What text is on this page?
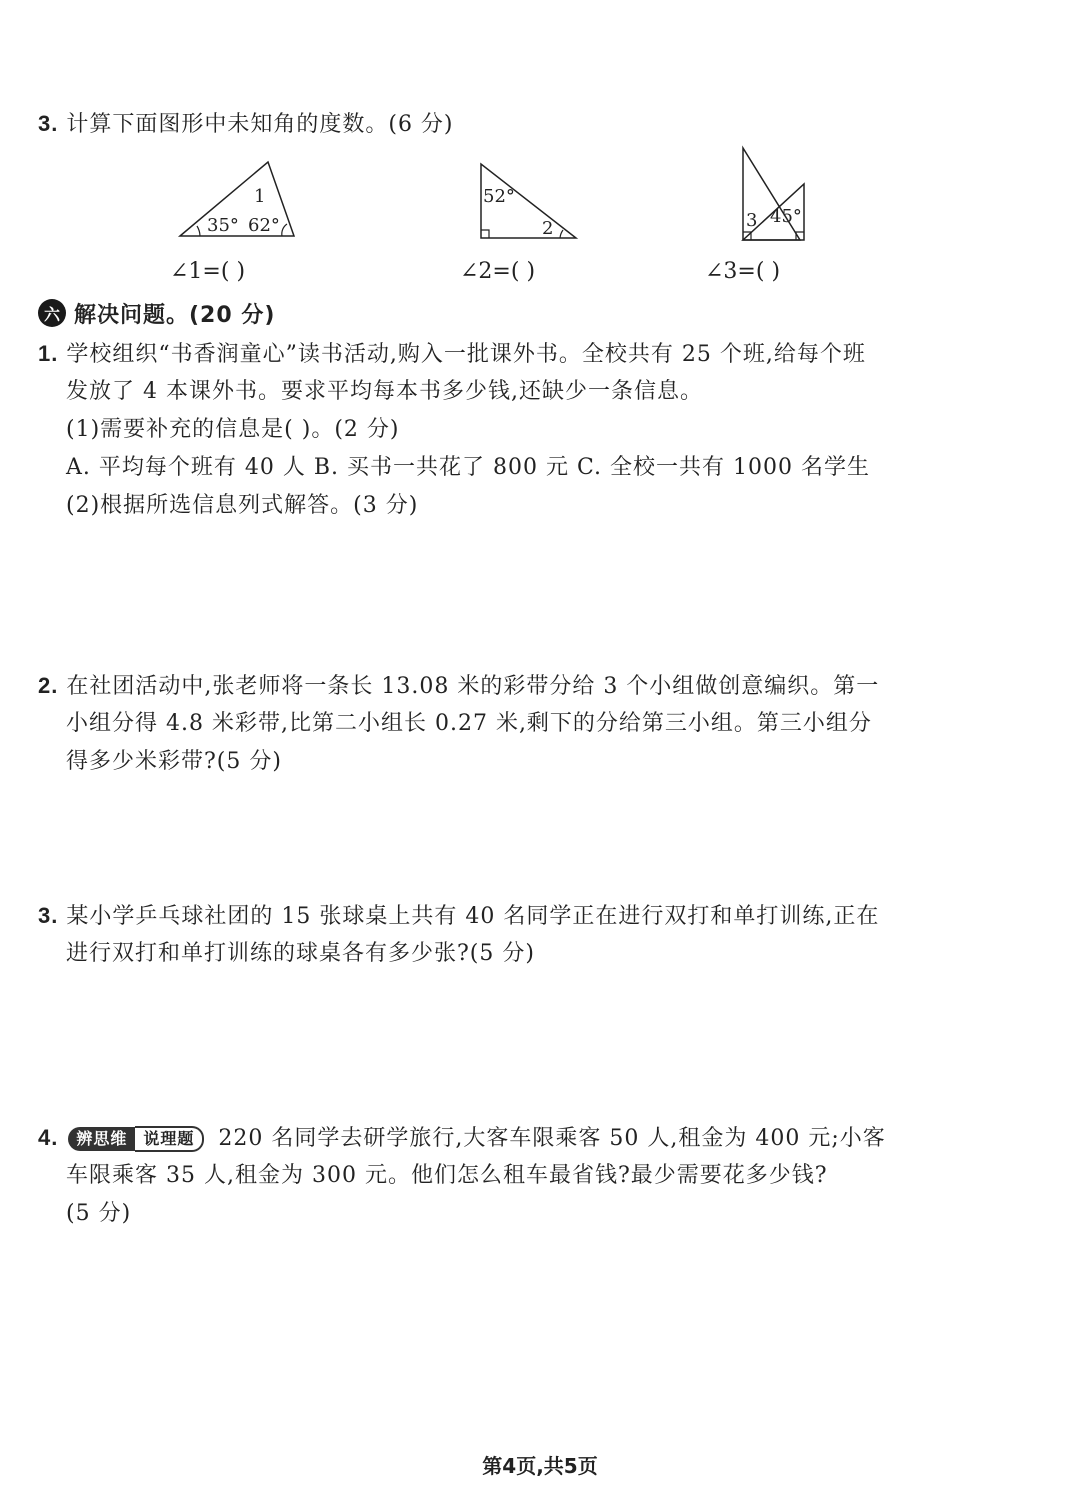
3. 计算下面图形中未知角的度数。(6 分)
35° 62°
1	52°
2	3 45°
∠1=( )	∠2=( )	∠3=( )
六 解决问题。(20 分)
1. 学校组织“书香润童心”读书活动,购入一批课外书。全校共有 25 个班,给每个班
发放了 4 本课外书。要求平均每本书多少钱,还缺少一条信息。
(1)需要补充的信息是( )。(2 分)
A. 平均每个班有 40 人 B. 买书一共花了 800 元 C. 全校一共有 1000 名学生
(2)根据所选信息列式解答。(3 分)
2. 在社团活动中,张老师将一条长 13.08 米的彩带分给 3 个小组做创意编织。第一
小组分得 4.8 米彩带,比第二小组长 0.27 米,剩下的分给第三小组。第三小组分
得多少米彩带?(5 分)
3. 某小学乒乓球社团的 15 张球桌上共有 40 名同学正在进行双打和单打训练,正在
进行双打和单打训练的球桌各有多少张?(5 分)
4.	辨思维	说理题	220 名同学去研学旅行,大客车限乘客 50 人,租金为 400 元;小客
车限乘客 35 人,租金为 300 元。他们怎么租车最省钱?最少需要花多少钱?
(5 分)
第4页,共5页
